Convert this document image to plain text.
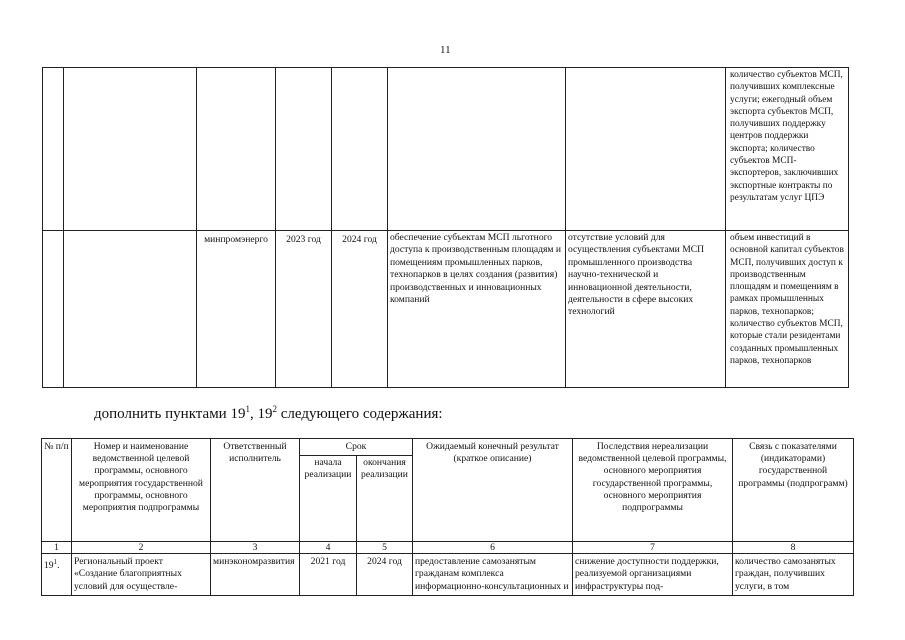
11
							количество субъектов МСП, получивших комплексные услуги; ежегодный объем экспорта субъектов МСП, получивших поддержку центров поддержки экспорта; количество субъектов МСП-экспортеров, заключивших экспортные контракты по результатам услуг ЦПЭ
		минпромэнерго	2023 год	2024 год	обеспечение субъектам МСП льготного доступа к производственным площадям и помещениям промышленных парков, технопарков в целях создания (развития) производственных и инновационных компаний	отсутствие условий для осуществления субъектами МСП промышленного производства научно-технической и инновационной деятельности, деятельности в сфере высоких технологий	объем инвестиций в основной капитал субъектов МСП, получивших доступ к производственным площадям и помещениям в рамках промышленных парков, технопарков; количество субъектов МСП, которые стали резидентами созданных промышленных парков, технопарков
дополнить пунктами $19^1$, $19^2$ следующего содержания:
№ п/п	Номер и наименование ведомственной целевой программы, основного мероприятия государственной программы, основного мероприятия подпрограммы	Ответственный исполнитель	Срок		Ожидаемый конечный результат (краткое описание)	Последствия нереализации ведомственной целевой программы, основного мероприятия государственной программы, основного мероприятия подпрограммы	Связь с показателями (индикаторами) государственной программы (подпрограмм)
			начала реализации	окончания реализации			
1	2	3	4	5	6	7	8
$19^1$.	Региональный проект «Создание благоприятных условий для осуществле-	минэкономразвития	2021 год	2024 год	предоставление самозанятым гражданам комплекса информационно-консультационных и	снижение доступности поддержки, реализуемой организациями инфраструктуры под-	количество самозанятых граждан, получивших услуги, в том
